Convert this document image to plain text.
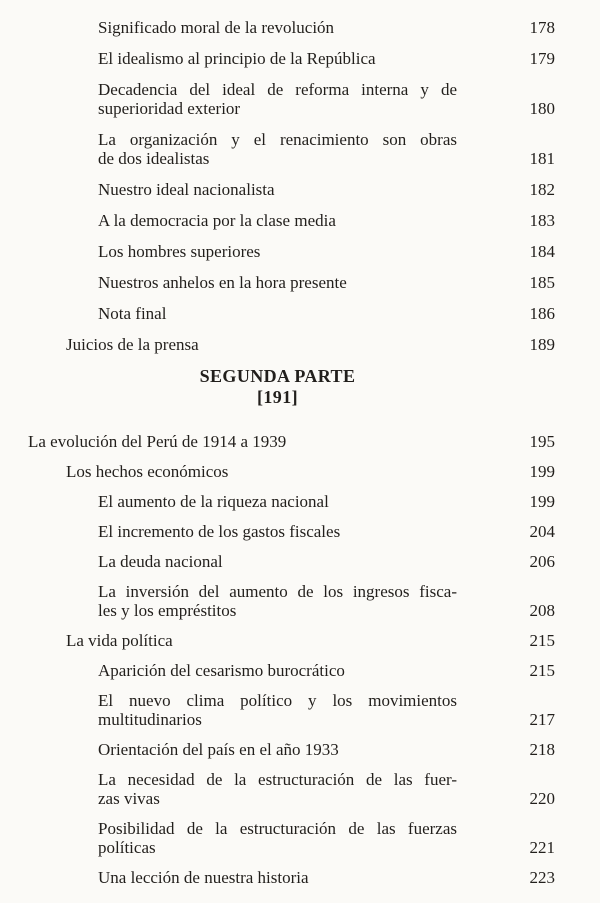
Significado moral de la revolución	178
El idealismo al principio de la República	179
Decadencia del ideal de reforma interna y de
superioridad exterior	180
La organización y el renacimiento son obras
de dos idealistas	181
Nuestro ideal nacionalista	182
A la democracia por la clase media	183
Los hombres superiores	184
Nuestros anhelos en la hora presente	185
Nota final	186
Juicios de la prensa	189
SEGUNDA PARTE
[191]
La evolución del Perú de 1914 a 1939	195
Los hechos económicos	199
El aumento de la riqueza nacional	199
El incremento de los gastos fiscales	204
La deuda nacional	206
La inversión del aumento de los ingresos fisca-
les y los empréstitos	208
La vida política	215
Aparición del cesarismo burocrático	215
El nuevo clima político y los movimientos
multitudinarios	217
Orientación del país en el año 1933	218
La necesidad de la estructuración de las fuer-
zas vivas	220
Posibilidad de la estructuración de las fuerzas
políticas	221
Una lección de nuestra historia	223
